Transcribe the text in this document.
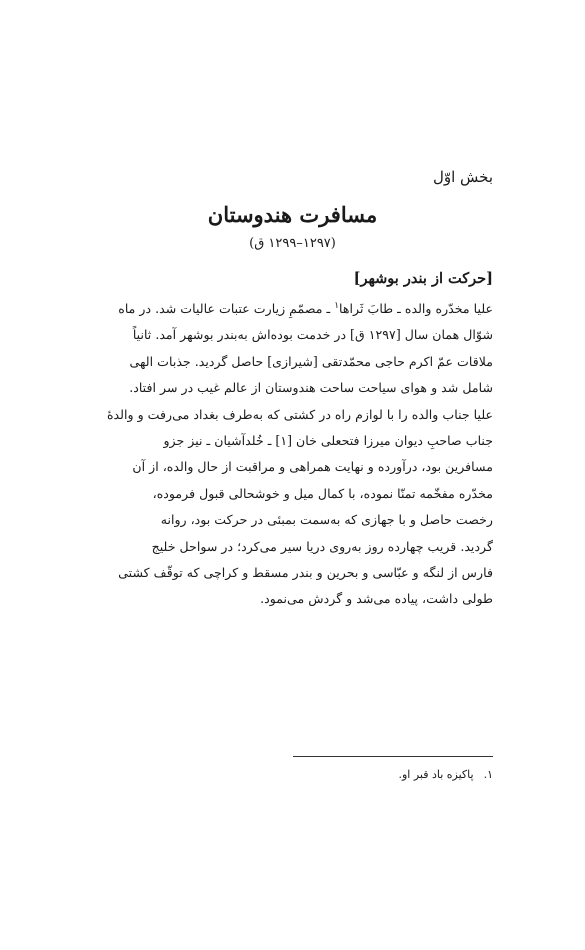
بخش اوّل

مسافرت هندوستان

(۱۲۹۷–۱۲۹۹ ق)

[حرکت از بندر بوشهر]

علیا مخدّره والده ـ طابَ ثَراها$^۱$ ـ مصمّمِ زیارت عتبات عالیات شد. در ماه
شوّال همان سال [۱۲۹۷ ق] در خدمت بوده‌اش به‌بندر بوشهر آمد. ثانیاً
ملاقات عمّ اکرم حاجی محمّدتقی [شیرازی] حاصل گردید. جذبات الهی
شامل شد و هوای سیاحت ساحت هندوستان از عالم غیب در سر افتاد.
علیا جناب والده را با لوازم راه در کشتی که به‌طرف بغداد می‌رفت و والدهٔ
جناب صاحبِ دیوان میرزا فتحعلی خان [۱] ـ خُلدآشیان ـ نیز جزو
مسافرین بود، درآورده و نهایت همراهی و مراقبت از حال والده، از آن
مخدّره مفخّمه تمنّا نموده، با کمال میل و خوشحالی قبول فرموده،
رخصت حاصل و با جهازی که به‌سمت بمبئی در حرکت بود، روانه
گردید. قریب چهارده روز به‌روی دریا سیر می‌کرد؛ در سواحل خلیج
فارس از لنگه و عبّاسی و بحرین و بندر مسقط و کراچی که توقّف کشتی
طولی داشت، پیاده می‌شد و گردش می‌نمود.

۱.پاکیزه باد قبر او.
